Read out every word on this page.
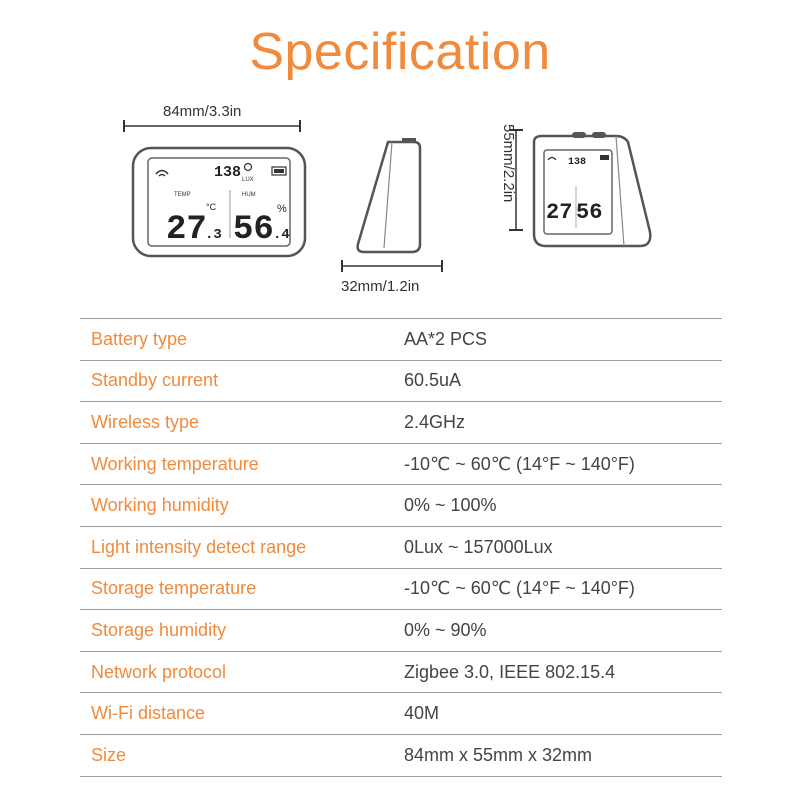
Specification
84mm/3.3in
LUX
138
TEMP
27
°C
.3
HUM
56
%
.4
32mm/1.2in
55mm/2.2in	138
27 56
Battery type	AA*2 PCS
Standby current	60.5uA
Wireless type	2.4GHz
Working temperature	-10℃ ~ 60℃ (14°F ~ 140°F)
Working humidity	0% ~ 100%
Light intensity detect range	0Lux ~ 157000Lux
Storage temperature	-10℃ ~ 60℃ (14°F ~ 140°F)
Storage humidity	0% ~ 90%
Network protocol	Zigbee 3.0, IEEE 802.15.4
Wi-Fi distance	40M
Size	84mm x 55mm x 32mm
